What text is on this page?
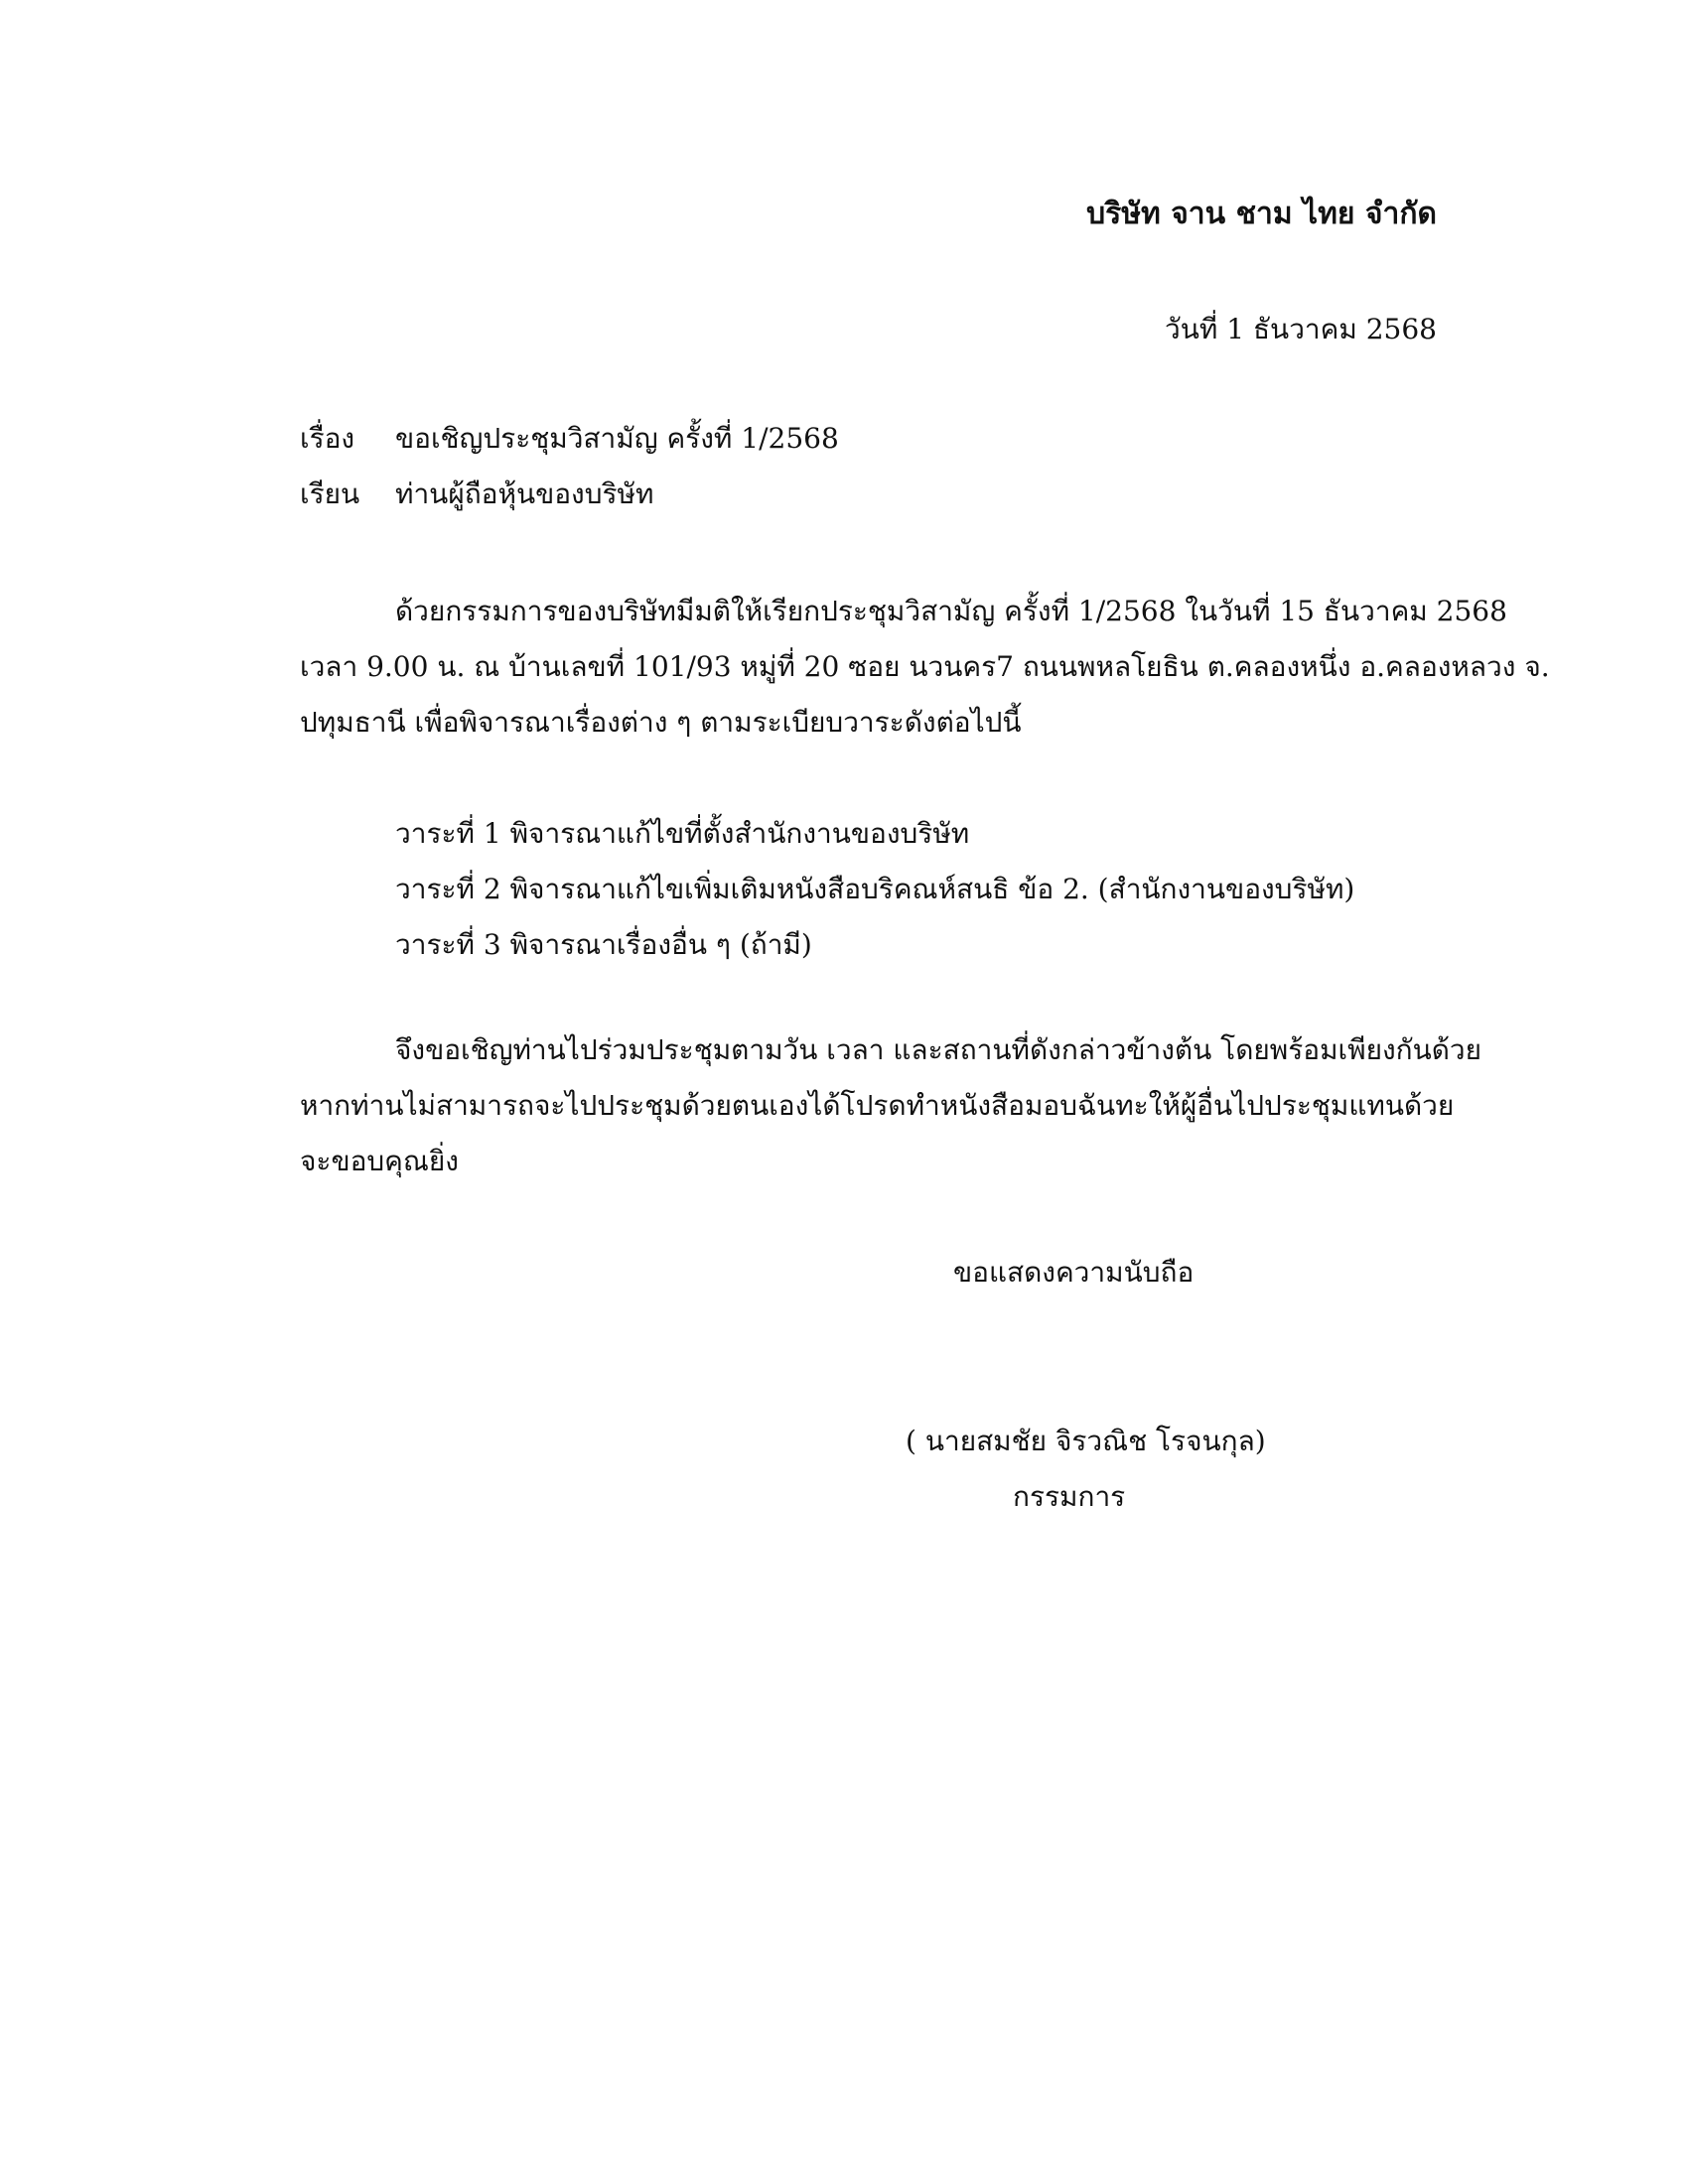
บริษัท จาน ชาม ไทย จำกัด
วันที่ 1 ธันวาคม 2568
เรื่อง ขอเชิญประชุมวิสามัญ ครั้งที่ 1/2568
เรียน ท่านผู้ถือหุ้นของบริษัท
ด้วยกรรมการของบริษัทมีมติให้เรียกประชุมวิสามัญ ครั้งที่ 1/2568 ในวันที่ 15 ธันวาคม 2568
เวลา 9.00 น. ณ บ้านเลขที่ 101/93 หมู่ที่ 20 ซอย นวนคร7 ถนนพหลโยธิน ต.คลองหนึ่ง อ.คลองหลวง จ.
ปทุมธานี เพื่อพิจารณาเรื่องต่าง ๆ ตามระเบียบวาระดังต่อไปนี้
วาระที่ 1 พิจารณาแก้ไขที่ตั้งสำนักงานของบริษัท
วาระที่ 2 พิจารณาแก้ไขเพิ่มเติมหนังสือบริคณห์สนธิ ข้อ 2. (สำนักงานของบริษัท)
วาระที่ 3 พิจารณาเรื่องอื่น ๆ (ถ้ามี)
จึงขอเชิญท่านไปร่วมประชุมตามวัน เวลา และสถานที่ดังกล่าวข้างต้น โดยพร้อมเพียงกันด้วย
หากท่านไม่สามารถจะไปประชุมด้วยตนเองได้โปรดทำหนังสือมอบฉันทะให้ผู้อื่นไปประชุมแทนด้วย
จะขอบคุณยิ่ง
ขอแสดงความนับถือ
( นายสมชัย จิรวณิช โรจนกุล)
กรรมการ
